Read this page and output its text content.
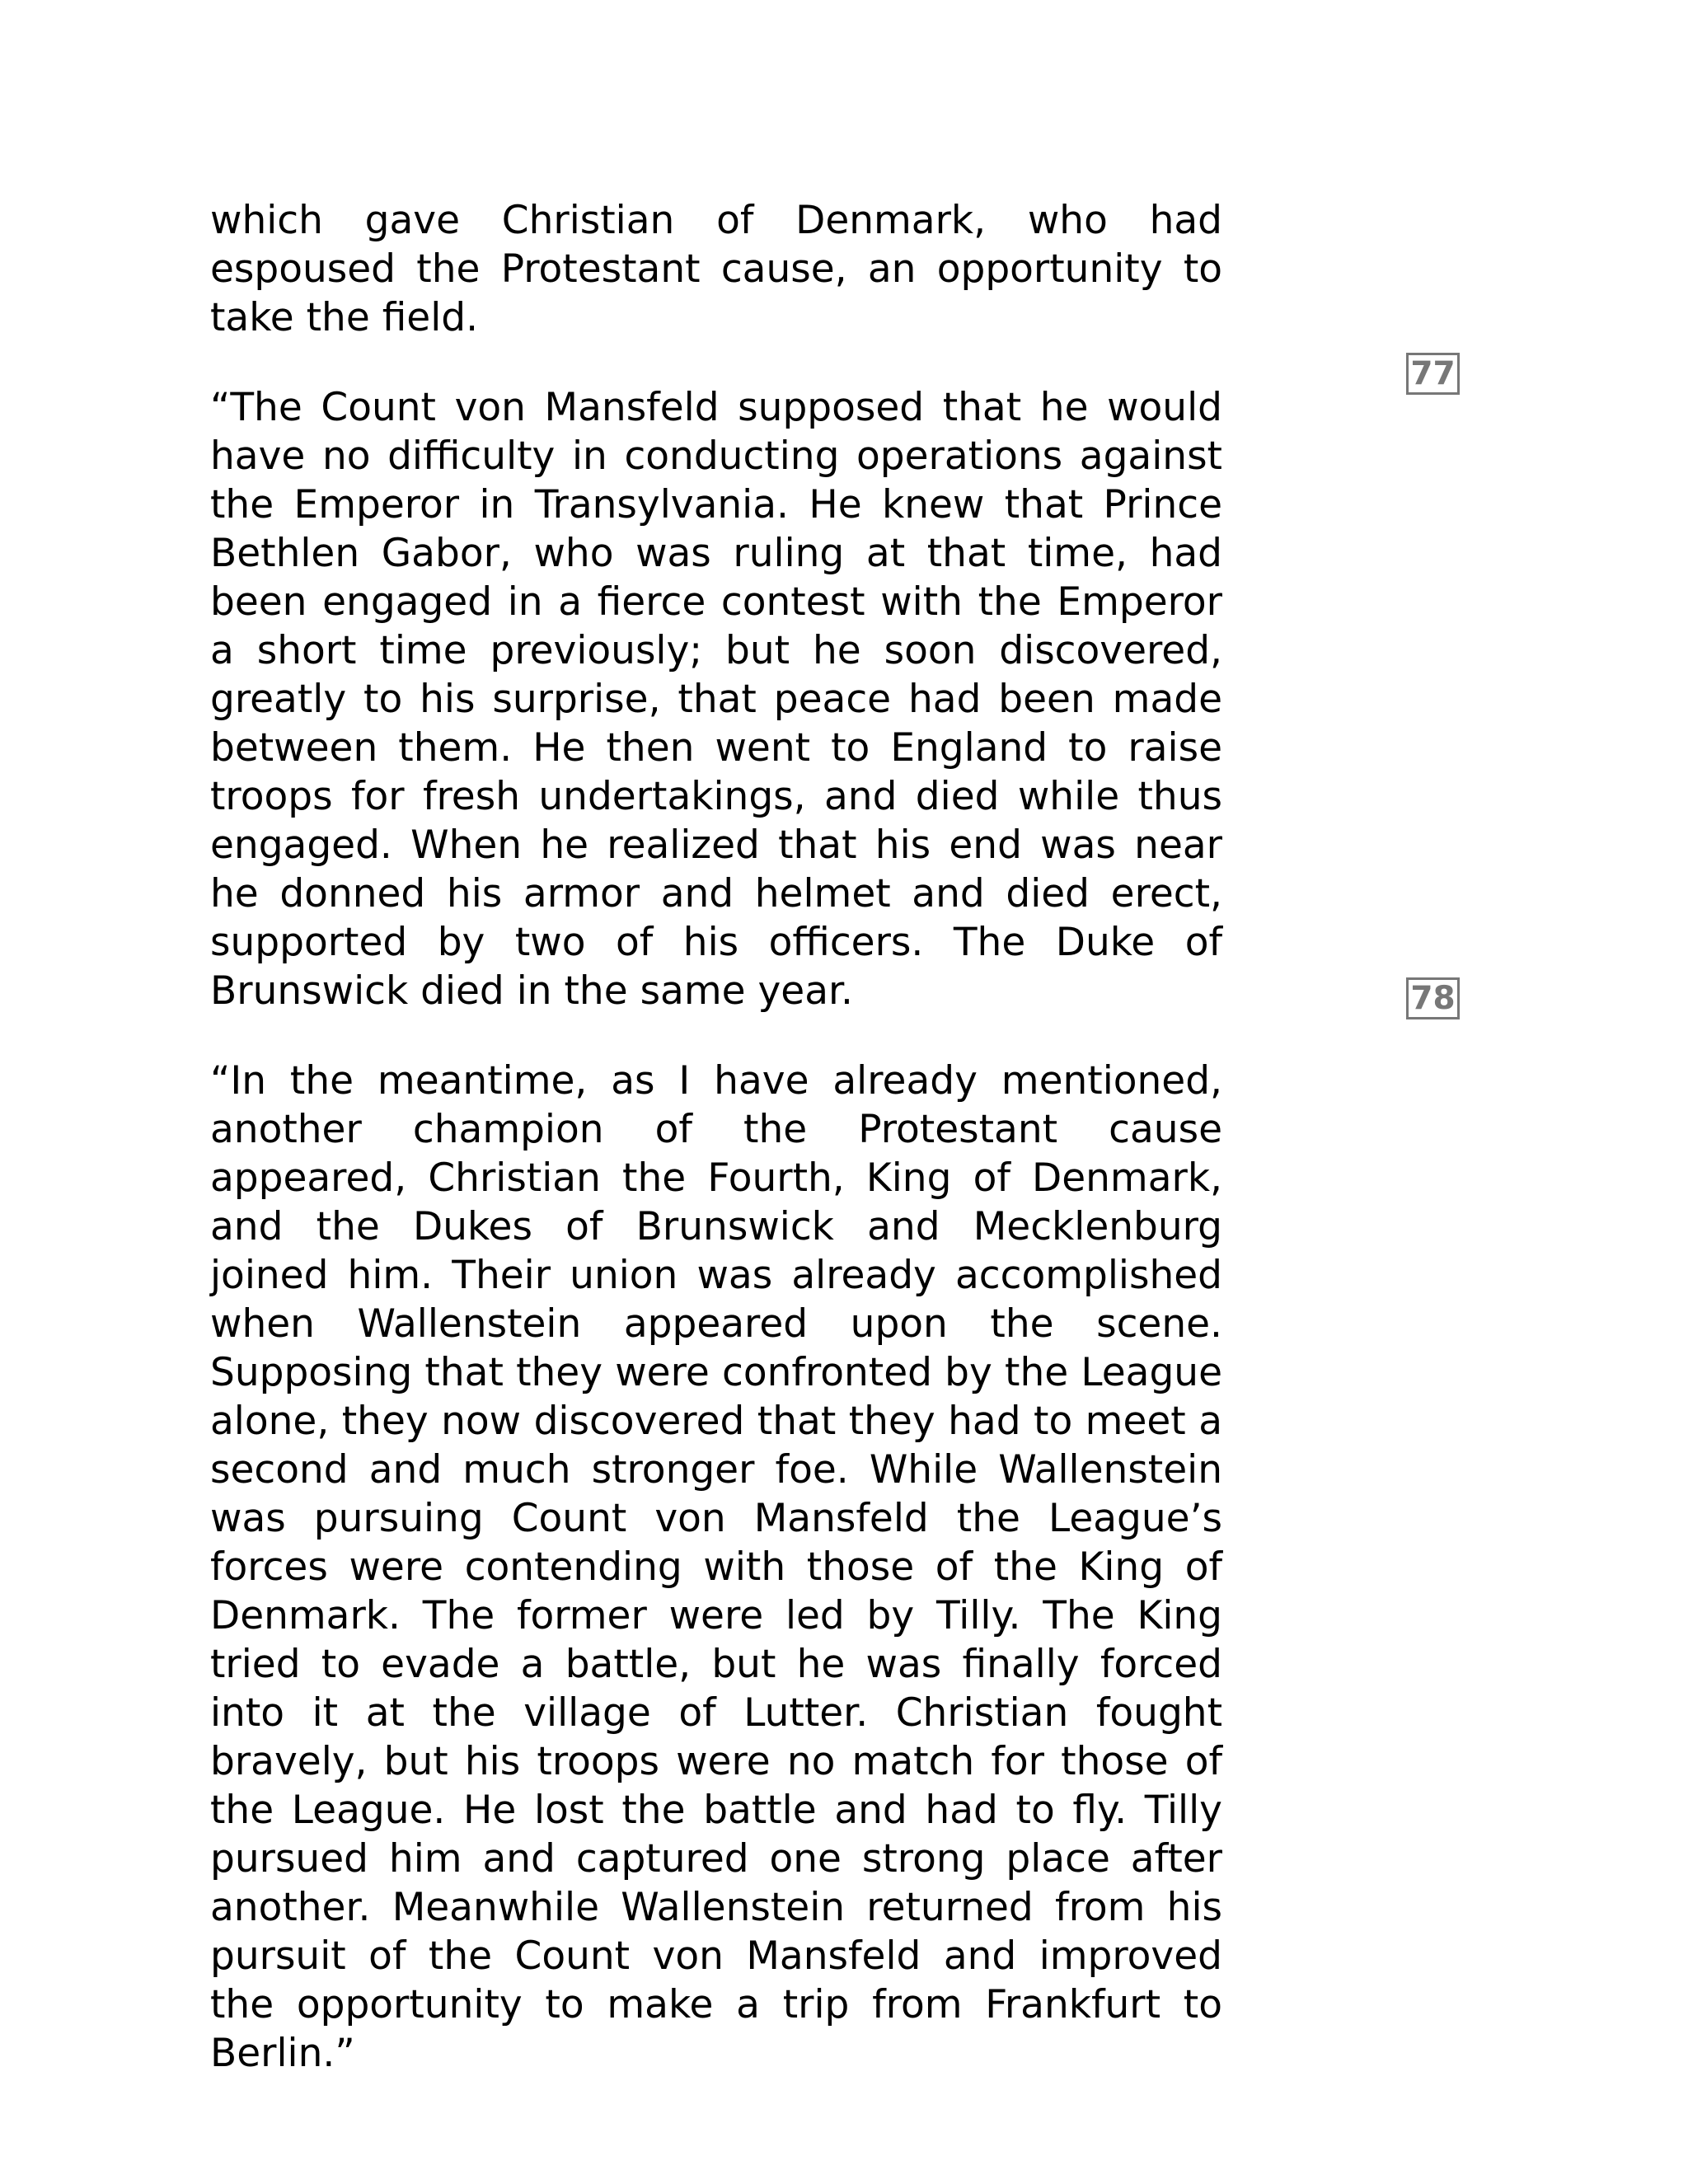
which gave Christian of Denmark, who had espoused the Protestant cause, an opportunity to take the field.

“The Count von Mansfeld supposed that he would have no difficulty in conducting operations against the Emperor in Transylvania. He knew that Prince Bethlen Gabor, who was ruling at that time, had been engaged in a fierce contest with the Emperor a short time previously; but he soon discovered, greatly to his surprise, that peace had been made between them. He then went to England to raise troops for fresh undertakings, and died while thus engaged. When he realized that his end was near he donned his armor and helmet and died erect, supported by two of his officers. The Duke of Brunswick died in the same year.

“In the meantime, as I have already mentioned, another champion of the Protestant cause appeared, Christian the Fourth, King of Denmark, and the Dukes of Brunswick and Mecklenburg joined him. Their union was already accomplished when Wallenstein appeared upon the scene. Supposing that they were confronted by the League alone, they now discovered that they had to meet a second and much stronger foe. While Wallenstein was pursuing Count von Mansfeld the League’s forces were contending with those of the King of Denmark. The former were led by Tilly. The King tried to evade a battle, but he was finally forced into it at the village of Lutter. Christian fought bravely, but his troops were no match for those of the League. He lost the battle and had to fly. Tilly pursued him and captured one strong place after another. Meanwhile Wallenstein returned from his pursuit of the Count von Mansfeld and improved the opportunity to make a trip from Frankfurt to Berlin.”

77
78
